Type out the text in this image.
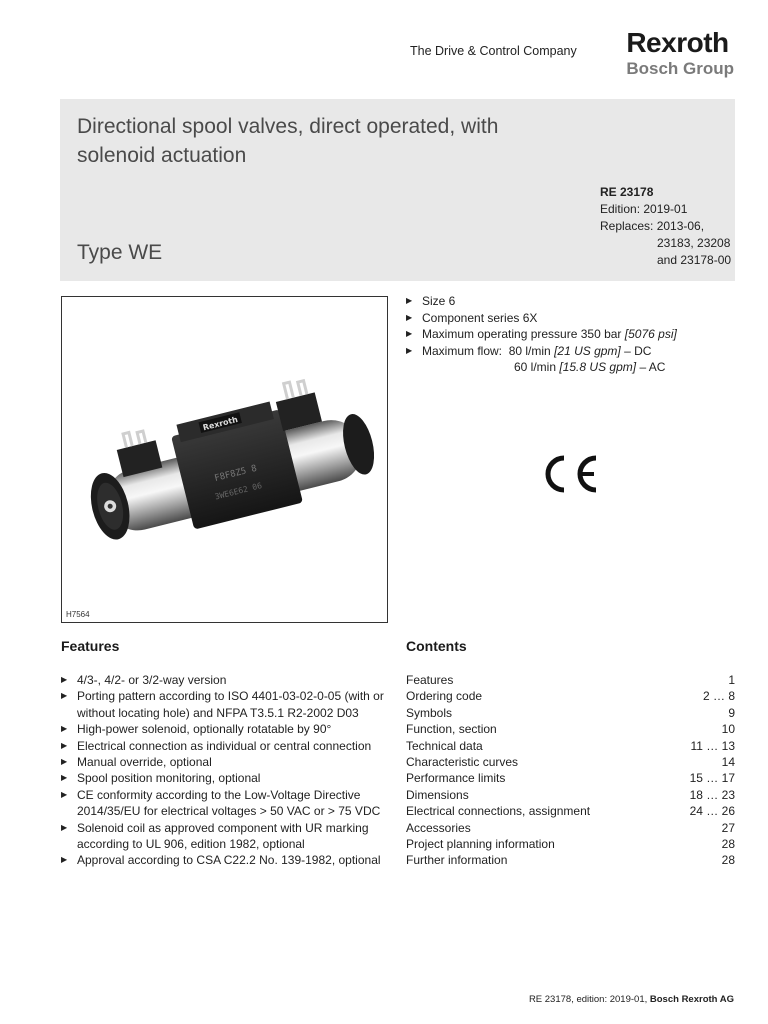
The Drive & Control Company Rexroth
Bosch Group
Directional spool valves, direct operated, with solenoid actuation
Type WE
RE 23178
Edition: 2019-01
Replaces: 2013-06,
23183, 23208
and 23178-00
Rexroth
F8F8Z5 8
3WE6E62 06
H7564
▶ Size 6
▶ Component series 6X
▶ Maximum operating pressure 350 bar [5076 psi]
▶ Maximum flow: 80 l/min [21 US gpm] – DC
60 l/min [15.8 US gpm] – AC
Features
▶ 4/3-, 4/2- or 3/2-way version
▶ Porting pattern according to ISO 4401-03-02-0-05 (with or without locating hole) and NFPA T3.5.1 R2-2002 D03
▶ High-power solenoid, optionally rotatable by 90°
▶ Electrical connection as individual or central connection
▶ Manual override, optional
▶ Spool position monitoring, optional
▶ CE conformity according to the Low-Voltage Directive 2014/35/EU for electrical voltages > 50 VAC or > 75 VDC
▶ Solenoid coil as approved component with UR marking according to UL 906, edition 1982, optional
▶ Approval according to CSA C22.2 No. 139-1982, optional
Contents
Features	1
Ordering code	2 … 8
Symbols	9
Function, section	10
Technical data	11 … 13
Characteristic curves	14
Performance limits	15 … 17
Dimensions	18 … 23
Electrical connections, assignment	24 … 26
Accessories	27
Project planning information	28
Further information	28
RE 23178, edition: 2019-01, Bosch Rexroth AG
